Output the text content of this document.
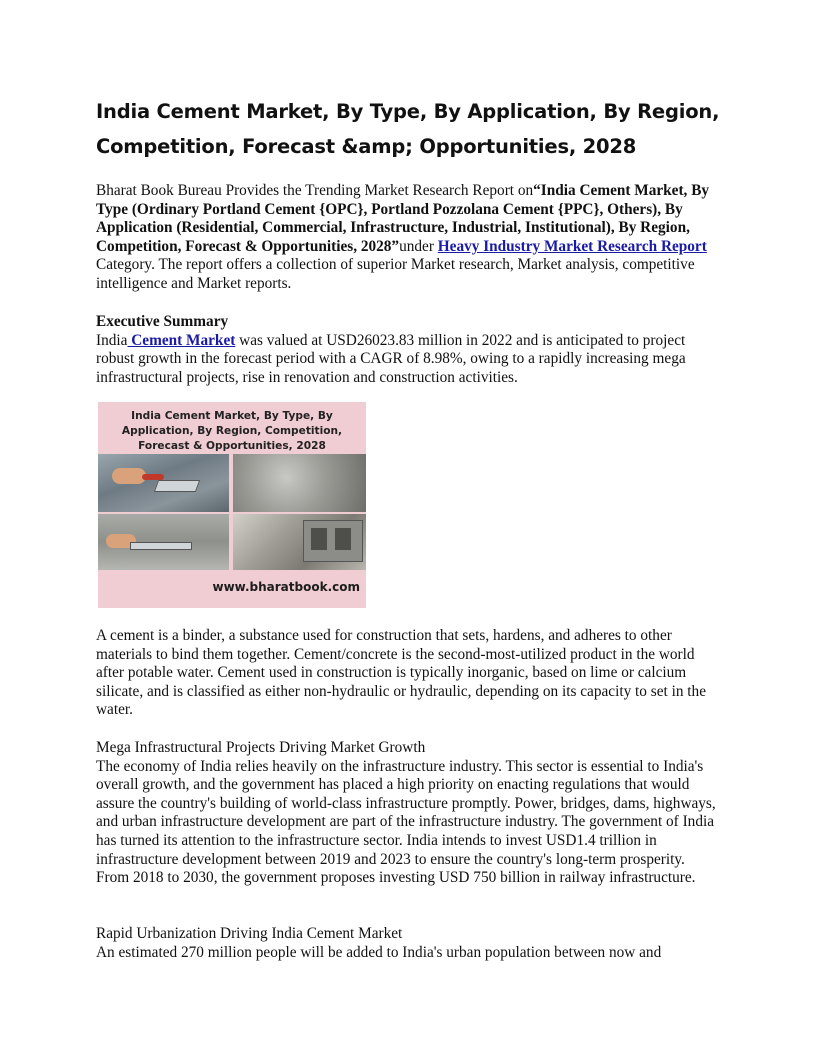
India Cement Market, By Type, By Application, By Region, Competition, Forecast &amp; Opportunities, 2028

Bharat Book Bureau Provides the Trending Market Research Report on“India Cement Market, By Type (Ordinary Portland Cement {OPC}, Portland Pozzolana Cement {PPC}, Others), By Application (Residential, Commercial, Infrastructure, Industrial, Institutional), By Region, Competition, Forecast & Opportunities, 2028”under Heavy Industry Market Research Report Category. The report offers a collection of superior Market research, Market analysis, competitive intelligence and Market reports.

Executive Summary
India Cement Market was valued at USD26023.83 million in 2022 and is anticipated to project robust growth in the forecast period with a CAGR of 8.98%, owing to a rapidly increasing mega infrastructural projects, rise in renovation and construction activities.

India Cement Market, By Type, By Application, By Region, Competition, Forecast & Opportunities, 2028
www.bharatbook.com

A cement is a binder, a substance used for construction that sets, hardens, and adheres to other materials to bind them together. Cement/concrete is the second-most-utilized product in the world after potable water. Cement used in construction is typically inorganic, based on lime or calcium silicate, and is classified as either non-hydraulic or hydraulic, depending on its capacity to set in the water.

Mega Infrastructural Projects Driving Market Growth
The economy of India relies heavily on the infrastructure industry. This sector is essential to India's overall growth, and the government has placed a high priority on enacting regulations that would assure the country's building of world-class infrastructure promptly. Power, bridges, dams, highways, and urban infrastructure development are part of the infrastructure industry. The government of India has turned its attention to the infrastructure sector. India intends to invest USD1.4 trillion in infrastructure development between 2019 and 2023 to ensure the country's long-term prosperity. From 2018 to 2030, the government proposes investing USD 750 billion in railway infrastructure.

Rapid Urbanization Driving India Cement Market
An estimated 270 million people will be added to India's urban population between now and
